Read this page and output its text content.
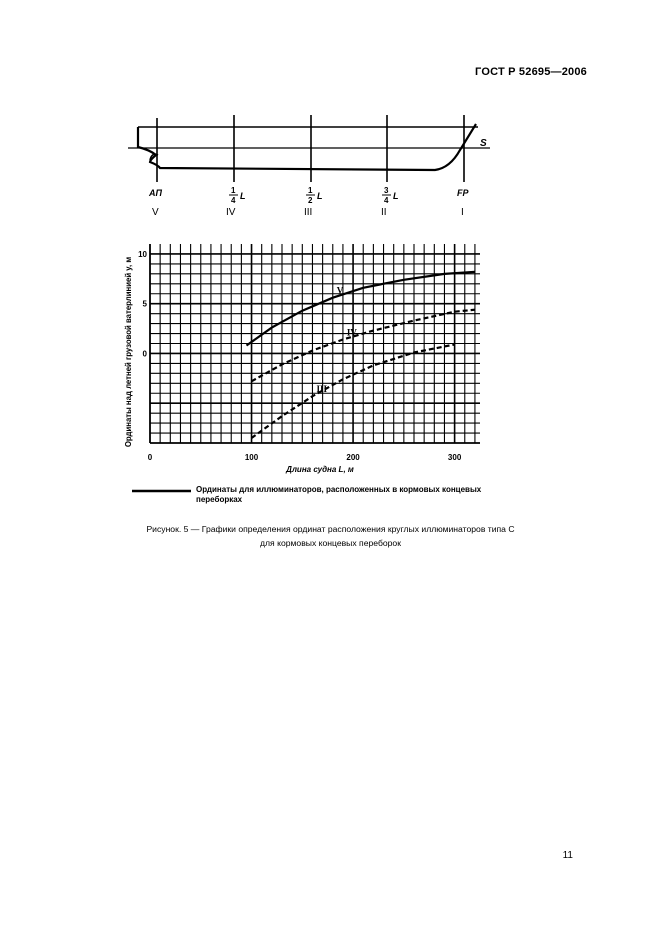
ГОСТ Р 52695—2006
S
AП
V
1
4 L
IV
1
2 L
III
3
4 L
II
FP
I
0	100	200	300
10
5
0
V
IV
III
Длина судна L, м
Ординаты над летней грузовой ватерлинией y, м
Ординаты для иллюминаторов, расположенных в кормовых концевых переборках
Рисунок. 5 — Графики определения ординат расположения круглых иллюминаторов типа С
для кормовых концевых переборок
11
